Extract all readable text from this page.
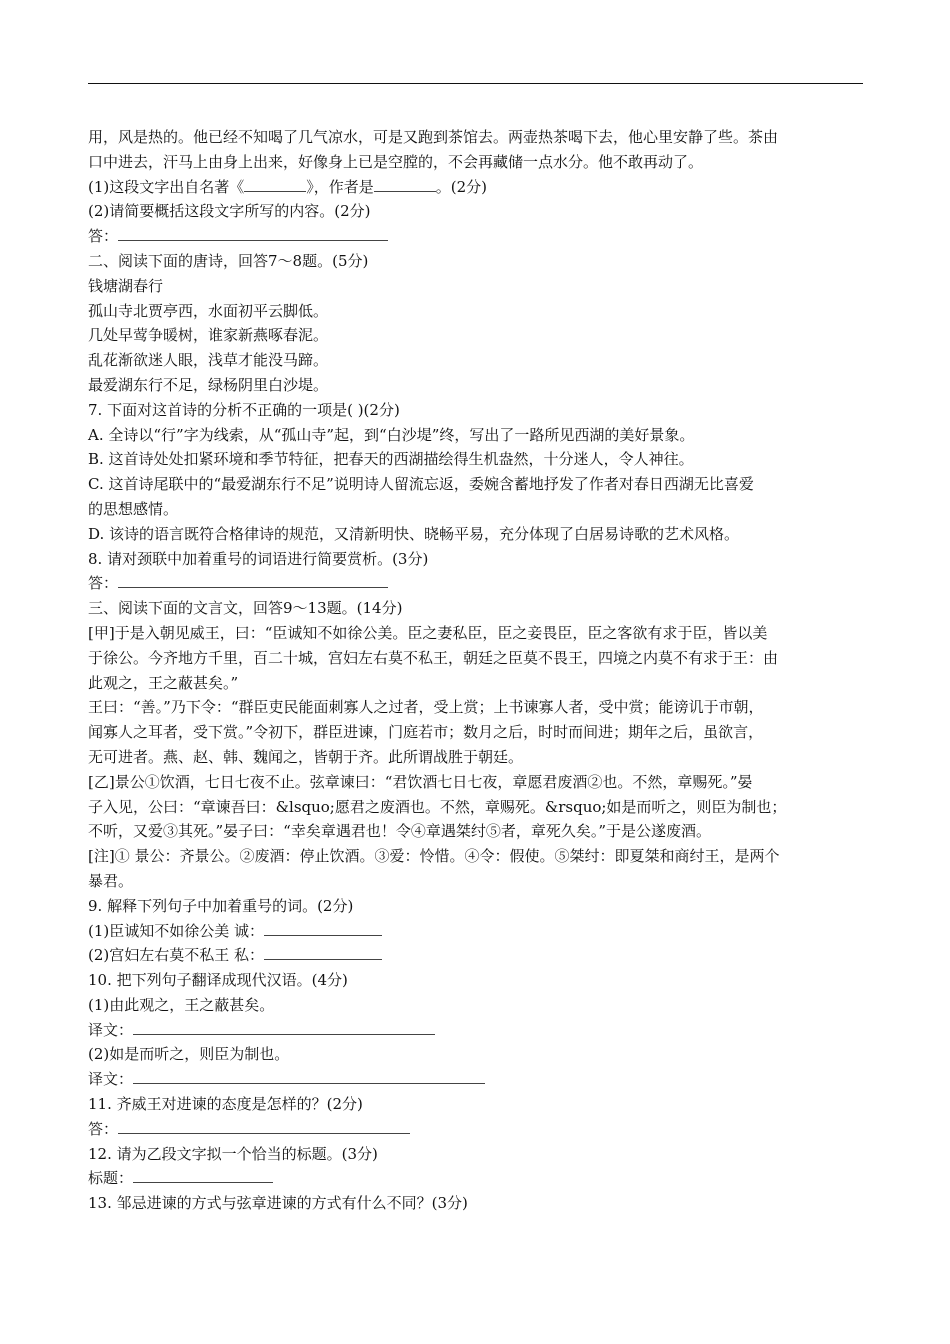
用，风是热的。他已经不知喝了几气凉水，可是又跑到茶馆去。两壶热茶喝下去，他心里安静了些。茶由

口中进去，汗马上由身上出来，好像身上已是空膛的，不会再藏储一点水分。他不敢再动了。

(1)这段文字出自名著《	》，作者是	。(2分)

(2)请简要概括这段文字所写的内容。(2分)

答：

二、阅读下面的唐诗，回答7～8题。(5分)

钱塘湖春行

孤山寺北贾亭西，水面初平云脚低。

几处早莺争暖树，谁家新燕啄春泥。

乱花渐欲迷人眼，浅草才能没马蹄。

最爱湖东行不足，绿杨阴里白沙堤。

7. 下面对这首诗的分析不正确的一项是( )(2分)

A. 全诗以“行”字为线索，从“孤山寺”起，到“白沙堤”终，写出了一路所见西湖的美好景象。

B. 这首诗处处扣紧环境和季节特征，把春天的西湖描绘得生机盎然，十分迷人，令人神往。

C. 这首诗尾联中的“最爱湖东行不足”说明诗人留流忘返，委婉含蓄地抒发了作者对春日西湖无比喜爱

的思想感情。

D. 该诗的语言既符合格律诗的规范，又清新明快、晓畅平易，充分体现了白居易诗歌的艺术风格。

8. 请对颈联中加着重号的词语进行简要赏析。(3分)

答：

三、阅读下面的文言文，回答9～13题。(14分)

[甲]于是入朝见威王，曰：“臣诚知不如徐公美。臣之妻私臣，臣之妾畏臣，臣之客欲有求于臣，皆以美

于徐公。今齐地方千里，百二十城，宫妇左右莫不私王，朝廷之臣莫不畏王，四境之内莫不有求于王：由

此观之，王之蔽甚矣。”

王曰：“善。”乃下令：“群臣吏民能面刺寡人之过者，受上赏；上书谏寡人者，受中赏；能谤讥于市朝，

闻寡人之耳者，受下赏。”令初下，群臣进谏，门庭若市；数月之后，时时而间进；期年之后，虽欲言，

无可进者。燕、赵、韩、魏闻之，皆朝于齐。此所谓战胜于朝廷。

[乙]景公①饮酒，七日七夜不止。弦章谏曰：“君饮酒七日七夜，章愿君废酒②也。不然，章赐死。”晏

子入见，公曰：“章谏吾曰：&lsquo;愿君之废酒也。不然，章赐死。&rsquo;如是而听之，则臣为制也；

不听，又爱③其死。”晏子曰：“幸矣章遇君也！令④章遇桀纣⑤者，章死久矣。”于是公遂废酒。

[注]① 景公：齐景公。②废酒：停止饮酒。③爱：怜惜。④令：假使。⑤桀纣：即夏桀和商纣王，是两个

暴君。

9. 解释下列句子中加着重号的词。(2分)

(1)臣诚知不如徐公美 诚：

(2)宫妇左右莫不私王 私：

10. 把下列句子翻译成现代汉语。(4分)

(1)由此观之，王之蔽甚矣。

译文：

(2)如是而听之，则臣为制也。

译文：

11. 齐威王对进谏的态度是怎样的？(2分)

答：

12. 请为乙段文字拟一个恰当的标题。(3分)

标题：

13. 邹忌进谏的方式与弦章进谏的方式有什么不同？(3分)
